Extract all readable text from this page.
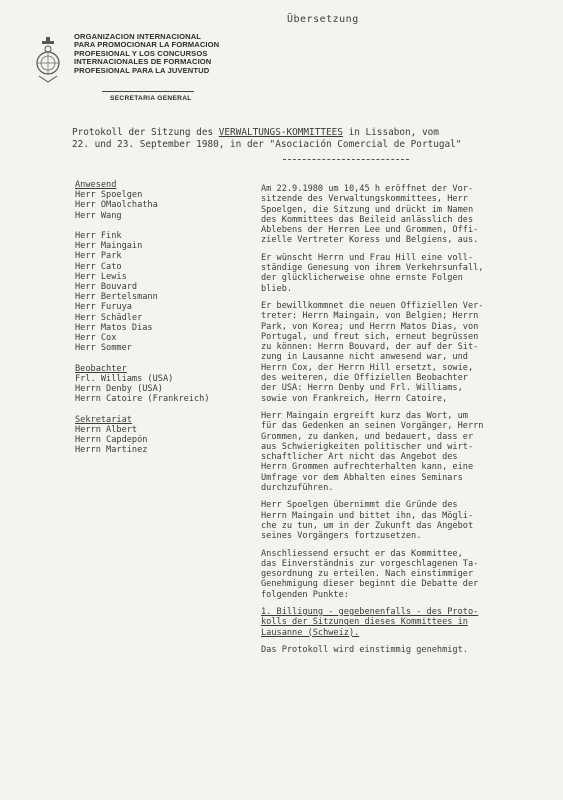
Übersetzung
ORGANIZACION INTERNACIONAL
PARA PROMOCIONAR LA FORMACION
PROFESIONAL Y LOS CONCURSOS
INTERNACIONALES DE FORMACION
PROFESIONAL PARA LA JUVENTUD
SECRETARIA GENERAL
Protokoll der Sitzung des VERWALTUNGS-KOMMITTEES in Lissabon, vom
22. und 23. September 1980, in der "Asociación Comercial de Portugal"
Anwesend
Herr Spoelgen
Herr OMaolchatha
Herr Wang
Herr Fink
Herr Maingain
Herr Park
Herr Cato
Herr Lewis
Herr Bouvard
Herr Bertelsmann
Herr Furuya
Herr Schädler
Herr Matos Dias
Herr Cox
Herr Sommer
Beobachter
Frl. Williams (USA)
Herrn Denby (USA)
Herrn Catoire (Frankreich)
Sekretariat
Herrn Albert
Herrn Capdepón
Herrn Martinez

Am 22.9.1980 um 10,45 h eröffnet der Vor-
sitzende des Verwaltungskommittees, Herr
Spoelgen, die Sitzung und drückt im Namen
des Kommittees das Beileid anlässlich des
Ablebens der Herren Lee und Grommen, Offi-
zielle Vertreter Koress und Belgiens, aus.

Er wünscht Herrn und Frau Hill eine voll-
ständige Genesung von ihrem Verkehrsunfall,
der glücklicherweise ohne ernste Folgen
blieb.

Er bewillkommnet die neuen Offiziellen Ver-
treter: Herrn Maingain, von Belgien; Herrn
Park, von Korea; und Herrn Matos Dias, von
Portugal, und freut sich, erneut begrüssen
zu können: Herrn Bouvard, der auf der Sit-
zung in Lausanne nicht anwesend war, und
Herrn Cox, der Herrn Hill ersetzt, sowie,
des weiteren, die Offiziellen Beobachter
der USA: Herrn Denby und Frl. Williams,
sowie von Frankreich, Herrn Catoire,

Herr Maingain ergreift kurz das Wort, um
für das Gedenken an seinen Vorgänger, Herrn
Grommen, zu danken, und bedauert, dass er
aus Schwierigkeiten politischer und wirt-
schaftlicher Art nicht das Angebot des
Herrn Grommen aufrechterhalten kann, eine
Umfrage vor dem Abhalten eines Seminars
durchzuführen.

Herr Spoelgen übernimmt die Gründe des
Herrn Maingain und bittet ihn, das Mögli-
che zu tun, um in der Zukunft das Angebot
seines Vorgängers fortzusetzen.

Anschliessend ersucht er das Kommittee,
das Einverständnis zur vorgeschlagenen Ta-
gesordnung zu erteilen. Nach einstimmiger
Genehmigung dieser beginnt die Debatte der
folgenden Punkte:

1. Billigung - gegebenenfalls - des Proto-
kolls der Sitzungen dieses Kommittees in
Lausanne (Schweiz).

Das Protokoll wird einstimmig genehmigt.
